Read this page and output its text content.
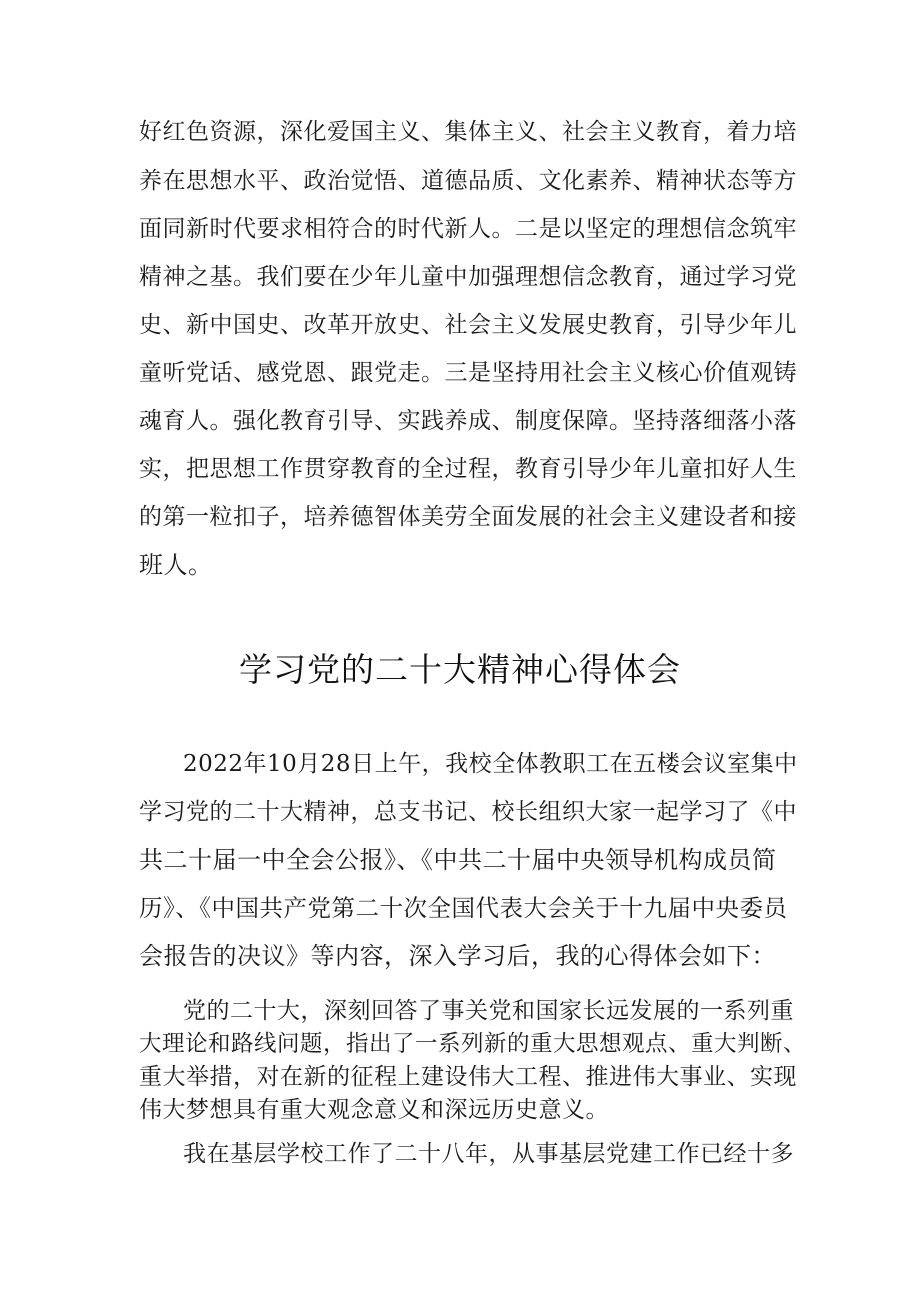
好红色资源，深化爱国主义、集体主义、社会主义教育，着力培
养在思想水平、政治觉悟、道德品质、文化素养、精神状态等方
面同新时代要求相符合的时代新人。二是以坚定的理想信念筑牢
精神之基。我们要在少年儿童中加强理想信念教育，通过学习党
史、新中国史、改革开放史、社会主义发展史教育，引导少年儿
童听党话、感党恩、跟党走。三是坚持用社会主义核心价值观铸
魂育人。强化教育引导、实践养成、制度保障。坚持落细落小落
实，把思想工作贯穿教育的全过程，教育引导少年儿童扣好人生
的第一粒扣子，培养德智体美劳全面发展的社会主义建设者和接
班人。
学习党的二十大精神心得体会
2022年10月28日上午，我校全体教职工在五楼会议室集中
学习党的二十大精神，总支书记、校长组织大家一起学习了《中
共二十届一中全会公报》、《中共二十届中央领导机构成员简
历》、《中国共产党第二十次全国代表大会关于十九届中央委员
会报告的决议》等内容，深入学习后，我的心得体会如下：
党的二十大，深刻回答了事关党和国家长远发展的一系列重
大理论和路线问题，指出了一系列新的重大思想观点、重大判断、
重大举措，对在新的征程上建设伟大工程、推进伟大事业、实现
伟大梦想具有重大观念意义和深远历史意义。
我在基层学校工作了二十八年，从事基层党建工作已经十多
